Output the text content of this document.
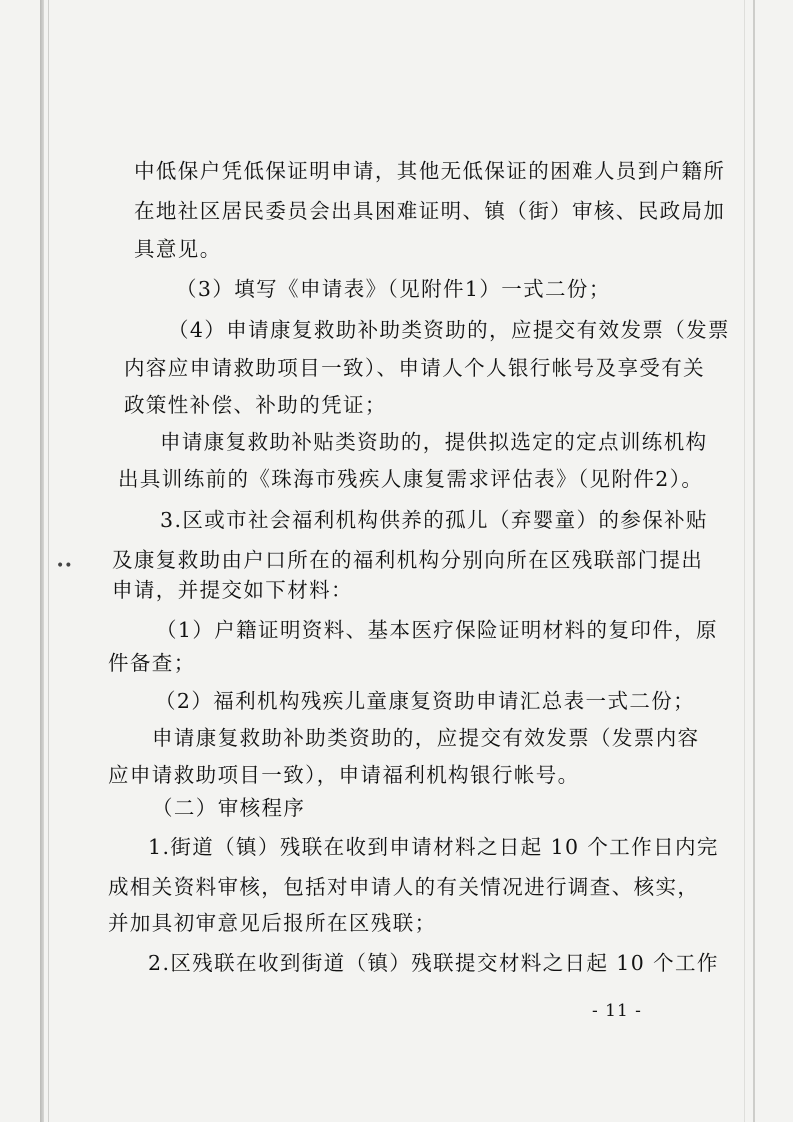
••
中低保户凭低保证明申请，其他无低保证的困难人员到户籍所
在地社区居民委员会出具困难证明、镇（街）审核、民政局加
具意见。
（3）填写《申请表》（见附件1）一式二份；
（4）申请康复救助补助类资助的，应提交有效发票（发票
内容应申请救助项目一致）、申请人个人银行帐号及享受有关
政策性补偿、补助的凭证；
申请康复救助补贴类资助的，提供拟选定的定点训练机构
出具训练前的《珠海市残疾人康复需求评估表》（见附件2）。
3.区或市社会福利机构供养的孤儿（弃婴童）的参保补贴
及康复救助由户口所在的福利机构分别向所在区残联部门提出
申请，并提交如下材料：
（1）户籍证明资料、基本医疗保险证明材料的复印件，原
件备查；
（2）福利机构残疾儿童康复资助申请汇总表一式二份；
申请康复救助补助类资助的，应提交有效发票（发票内容
应申请救助项目一致），申请福利机构银行帐号。
（二）审核程序
1.街道（镇）残联在收到申请材料之日起 10 个工作日内完
成相关资料审核，包括对申请人的有关情况进行调查、核实，
并加具初审意见后报所在区残联；
2.区残联在收到街道（镇）残联提交材料之日起 10 个工作
- 11 -
